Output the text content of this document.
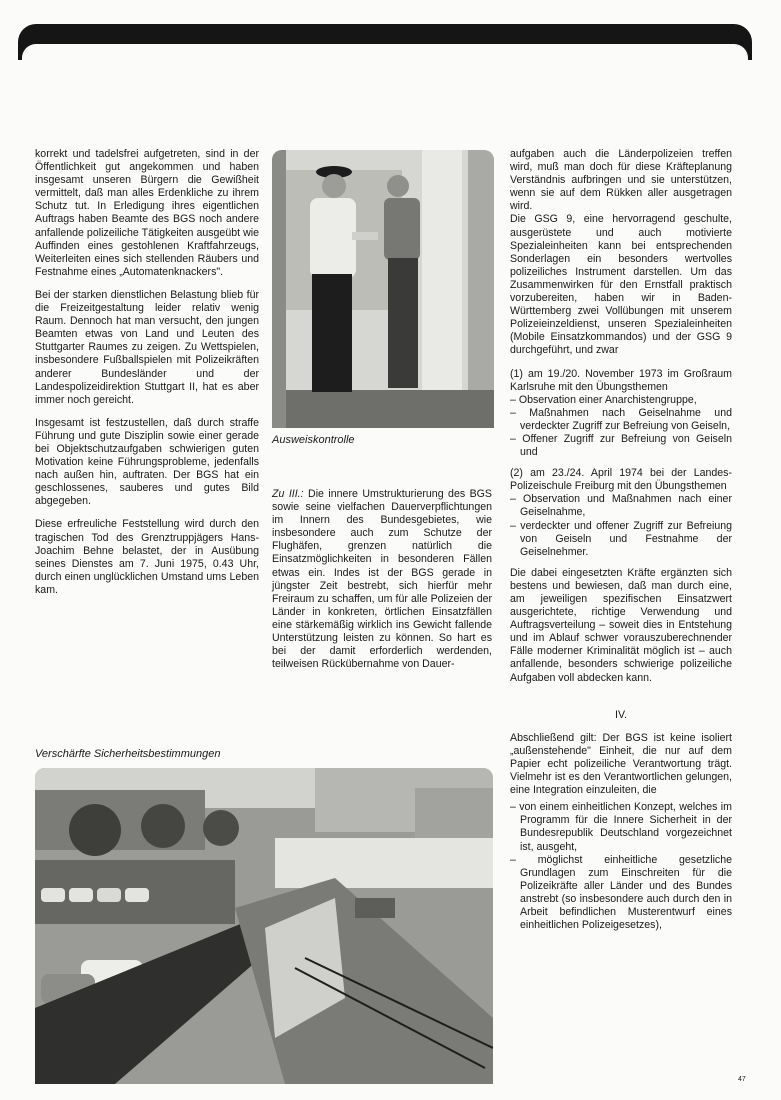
korrekt und tadelsfrei aufgetreten, sind in der Öffentlichkeit gut angekommen und haben insgesamt unseren Bürgern die Gewißheit vermittelt, daß man alles Erdenkliche zu ihrem Schutz tut. In Erledigung ihres eigentlichen Auftrags haben Beamte des BGS noch andere anfallende polizeiliche Tätigkeiten ausgeübt wie Auffinden eines gestohlenen Kraftfahrzeugs, Weiterleiten eines sich stellenden Räubers und Festnahme eines „Automatenknackers".

Bei der starken dienstlichen Belastung blieb für die Freizeitgestaltung leider relativ wenig Raum. Dennoch hat man versucht, den jungen Beamten etwas von Land und Leuten des Stuttgarter Raumes zu zeigen. Zu Wettspielen, insbesondere Fußballspielen mit Polizeikräften anderer Bundesländer und der Landespolizeidirektion Stuttgart II, hat es aber immer noch gereicht.

Insgesamt ist festzustellen, daß durch straffe Führung und gute Disziplin sowie einer gerade bei Objektschutzaufgaben schwierigen guten Motivation keine Führungsprobleme, jedenfalls nach außen hin, auftraten. Der BGS hat ein geschlossenes, sauberes und gutes Bild abgegeben.

Diese erfreuliche Feststellung wird durch den tragischen Tod des Grenztruppjägers Hans-Joachim Behne belastet, der in Ausübung seines Dienstes am 7. Juni 1975, 0.43 Uhr, durch einen unglücklichen Umstand ums Leben kam.

Ausweiskontrolle

Zu III.: Die innere Umstrukturierung des BGS sowie seine vielfachen Dauerverpflichtungen im Innern des Bundesgebietes, wie insbesondere auch zum Schutze der Flughäfen, grenzen natürlich die Einsatzmöglichkeiten in besonderen Fällen etwas ein. Indes ist der BGS gerade in jüngster Zeit bestrebt, sich hierfür mehr Freiraum zu schaffen, um für alle Polizeien der Länder in konkreten, örtlichen Einsatzfällen eine stärkemäßig wirklich ins Gewicht fallende Unterstützung leisten zu können. So hart es bei der damit erforderlich werdenden, teilweisen Rückübernahme von Dauer-

aufgaben auch die Länderpolizeien treffen wird, muß man doch für diese Kräfteplanung Verständnis aufbringen und sie unterstützen, wenn sie auf dem Rükken aller ausgetragen wird.

Die GSG 9, eine hervorragend geschulte, ausgerüstete und auch motivierte Spezialeinheiten kann bei entsprechenden Sonderlagen ein besonders wertvolles polizeiliches Instrument darstellen. Um das Zusammenwirken für den Ernstfall praktisch vorzubereiten, haben wir in Baden-Württemberg zwei Vollübungen mit unserem Polizeieinzeldienst, unseren Spezialeinheiten (Mobile Einsatzkommandos) und der GSG 9 durchgeführt, und zwar

(1) am 19./20. November 1973 im Großraum Karlsruhe mit den Übungsthemen
– Observation einer Anarchistengruppe,
– Maßnahmen nach Geiselnahme und verdeckter Zugriff zur Befreiung von Geiseln,
– Offener Zugriff zur Befreiung von Geiseln und
(2) am 23./24. April 1974 bei der Landes-Polizeischule Freiburg mit den Übungsthemen
– Observation und Maßnahmen nach einer Geiselnahme,
– verdeckter und offener Zugriff zur Befreiung von Geiseln und Festnahme der Geiselnehmer.

Die dabei eingesetzten Kräfte ergänzten sich bestens und bewiesen, daß man durch eine, am jeweiligen spezifischen Einsatzwert ausgerichtete, richtige Verwendung und Auftragsverteilung – soweit dies in Entstehung und im Ablauf schwer vorauszuberechnender Fälle moderner Kriminalität möglich ist – auch anfallende, besonders schwierige polizeiliche Aufgaben voll abdecken kann.

IV.

Abschließend gilt: Der BGS ist keine isoliert „außenstehende" Einheit, die nur auf dem Papier echt polizeiliche Verantwortung trägt. Vielmehr ist es den Verantwortlichen gelungen, eine Integration einzuleiten, die

– von einem einheitlichen Konzept, welches im Programm für die Innere Sicherheit in der Bundesrepublik Deutschland vorgezeichnet ist, ausgeht,
– möglichst einheitliche gesetzliche Grundlagen zum Einschreiten für die Polizeikräfte aller Länder und des Bundes anstrebt (so insbesondere auch durch den in Arbeit befindlichen Musterentwurf eines einheitlichen Polizeigesetzes),
Verschärfte Sicherheitsbestimmungen
47
